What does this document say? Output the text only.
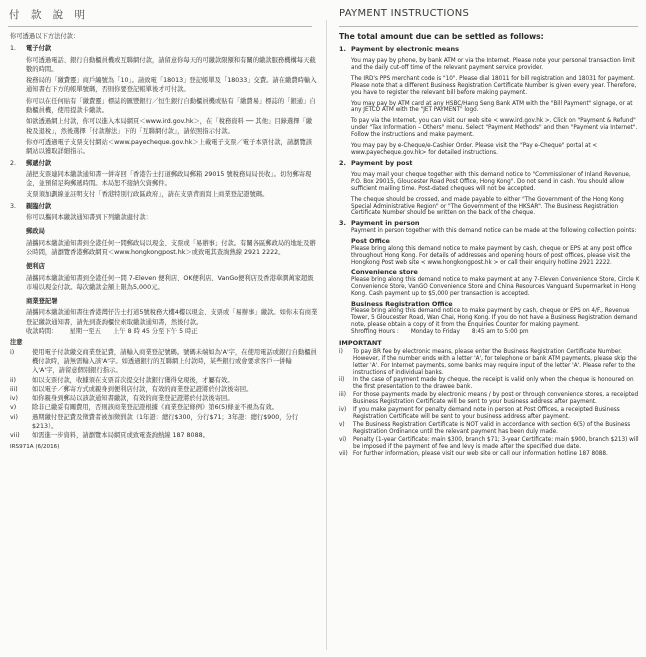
付 款 說 明

你可透過以下方法付款：

1.	電子付款

你可透過電話、銀行自動櫃員機或互聯網付款，請留意你每天的可繳款限額和有關的繳款服務機構每天截數的時間。

稅務局的「繳費靈」商戶編號為「10」。請致電「18013」登記帳單及「18033」交費。請在繳費時輸入通知書右下方的帳單號碼，否則你要登記帳單後才可付款。

你可以在任何貼有「繳費靈」標誌的匯豐銀行／恒生銀行自動櫃員機或貼有「繳費易」標誌的「銀通」自動櫃員機，使用提款卡繳款。

如欲透過網上付款，你可以進入本局網頁＜www.ird.gov.hk＞，在「稅務資料 ── 其他」目錄選擇「繳稅及退稅」，然後選擇「付款辦法」下的「互聯網付款」，請依照指示付款。

你亦可透過電子支票支付網站＜www.payecheque.gov.hk＞上載電子支票／電子本票付款，請瀏覽該網站以獲取詳細指示。

2.	郵遞付款

請把支票連同本繳款通知書一併寄回「香港告士打道郵政局郵箱 29015 號稅務局局長收」。切勿郵寄現金，並預留足夠郵遞時間。本局恕不接納欠資郵件。

支票須加劃線並註明支付「香港特別行政區政府」，請在支票背面寫上商業登記證號碼。

3.	親臨付款

你可以攜同本繳款通知書到下列繳款處付款：

郵政局

請攜同本繳款通知書到全港任何一間郵政局以現金、支票或「易辦事」付款。有關各區郵政局的地址及辦公時間，請瀏覽香港郵政網頁＜www.hongkongpost.hk＞或致電其查詢熱線 2921 2222。

便利店

請攜同本繳款通知書到全港任何一間 7-Eleven 便利店、OK便利店、VanGo便利店及香港華潤萬家超級市場以現金付款。每次繳款金額上限為5,000元。

商業登記署

請攜同本繳款通知書往香港灣仔告士打道5號稅務大樓4樓以現金、支票或「易辦事」繳款。如你未有商業登記繳款通知書，請先到查詢櫃位索取繳款通知書，然後付款。

收款時間： 星期一至五 上午 8 時 45 分至下午 5 時正
注意
i)	使用電子付款繳交商業登記費，請輸入商業登記號碼。號碼未端如為'A'字，在使用電話或銀行自動櫃員機付款時，請無需輸入該'A'字。如透過銀行的互聯網上付款時，某些銀行或會要求客戶一併輸入'A'字，請留意個別銀行指示。
ii)	如以支票付款，收據須在支票首次提交付款銀行獲得兌現後，才屬有效。
iii)	如以電子／郵寄方式或親身到便利店付款，有效的商業登記證將於付款後寄回。
iv)	如你親身到郵局以該款通知書繳款，有效的商業登記證將於付款後寄回。
v)	除非已繳妥有關費用，否則該商業登記證根據《商業登記條例》第6(5)條並不視為有效。
vi)	過期繳付登記費及徵費者被加徵罰款（1年證：總行$300，分行$71；3年證：總行$900，分行$213）。
vii)	如需進一步資料，請瀏覽本局網頁或致電查詢熱線 187 8088。
IRS971A (6/2016)
PAYMENT INSTRUCTIONS

The total amount due can be settled as follows:

1. Payment by electronic means

You may pay by phone, by bank ATM or via the Internet. Please note your personal transaction limit and the daily cut-off time of the relevant payment service provider.

The IRD's PPS merchant code is "10". Please dial 18011 for bill registration and 18031 for payment. Please note that a different Business Registration Certificate Number is given every year. Therefore, you have to register the relevant bill before making payment.

You may pay by ATM card at any HSBC/Hang Seng Bank ATM with the "Bill Payment" signage, or at any JETCO ATM with the "JET PAYMENT" logo.

To pay via the Internet, you can visit our web site < www.ird.gov.hk >. Click on "Payment & Refund" under "Tax Information – Others" menu. Select "Payment Methods" and then "Payment via Internet". Follow the instructions and make payment.

You may pay by e-Cheque/e-Cashier Order. Please visit the "Pay e-Cheque" portal at < www.payecheque.gov.hk> for detailed instructions.

2. Payment by post

You may mail your cheque together with this demand notice to "Commissioner of Inland Revenue, P.O. Box 29015, Gloucester Road Post Office, Hong Kong". Do not send in cash. You should allow sufficient mailing time. Post-dated cheques will not be accepted.

The cheque should be crossed, and made payable to either "The Government of the Hong Kong Special Administrative Region" or "The Government of the HKSAR". The Business Registration Certificate Number should be written on the back of the cheque.

3. Payment in person

Payment in person together with this demand notice can be made at the following collection points:

Post Office

Please bring along this demand notice to make payment by cash, cheque or EPS at any post office throughout Hong Kong. For details of addresses and opening hours of post offices, please visit the Hongkong Post web site < www.hongkongpost.hk > or call their enquiry hotline 2921 2222.

Convenience store

Please bring along this demand notice to make payment at any 7-Eleven Convenience Store, Circle K Convenience Store, VanGO Convenience Store and China Resources Vanguard Supermarket in Hong Kong. Cash payment up to $5,000 per transaction is accepted.

Business Registration Office

Please bring along this demand notice to make payment by cash, cheque or EPS on 4/F., Revenue Tower, 5 Gloucester Road, Wan Chai, Hong Kong. If you do not have a Business Registration demand note, please obtain a copy of it from the Enquiries Counter for making payment.

Shroffing Hours : Monday to Friday 8:45 am to 5:00 pm
IMPORTANT
i)	To pay BR fee by electronic means, please enter the Business Registration Certificate Number. However, if the number ends with a letter 'A', for telephone or bank ATM payments, please skip the letter 'A'. For Internet payments, some banks may require input of the letter 'A'. Please refer to the instructions of individual banks.
ii)	In the case of payment made by cheque, the receipt is valid only when the cheque is honoured on the first presentation to the drawee bank.
iii)	For those payments made by electronic means / by post or through convenience stores, a receipted Business Registration Certificate will be sent to your business address after payment.
iv)	If you make payment for penalty demand note in person at Post Offices, a receipted Business Registration Certificate will be sent to your business address after payment.
v)	The Business Registration Certificate is NOT valid in accordance with section 6(5) of the Business Registration Ordinance until the relevant payment has been duly made.
vi)	Penalty (1-year Certificate: main $300, branch $71; 3-year Certificate: main $900, branch $213) will be imposed if the payment of fee and levy is made after the specified due date.
vii) For further information, please visit our web site or call our information hotline 187 8088.
